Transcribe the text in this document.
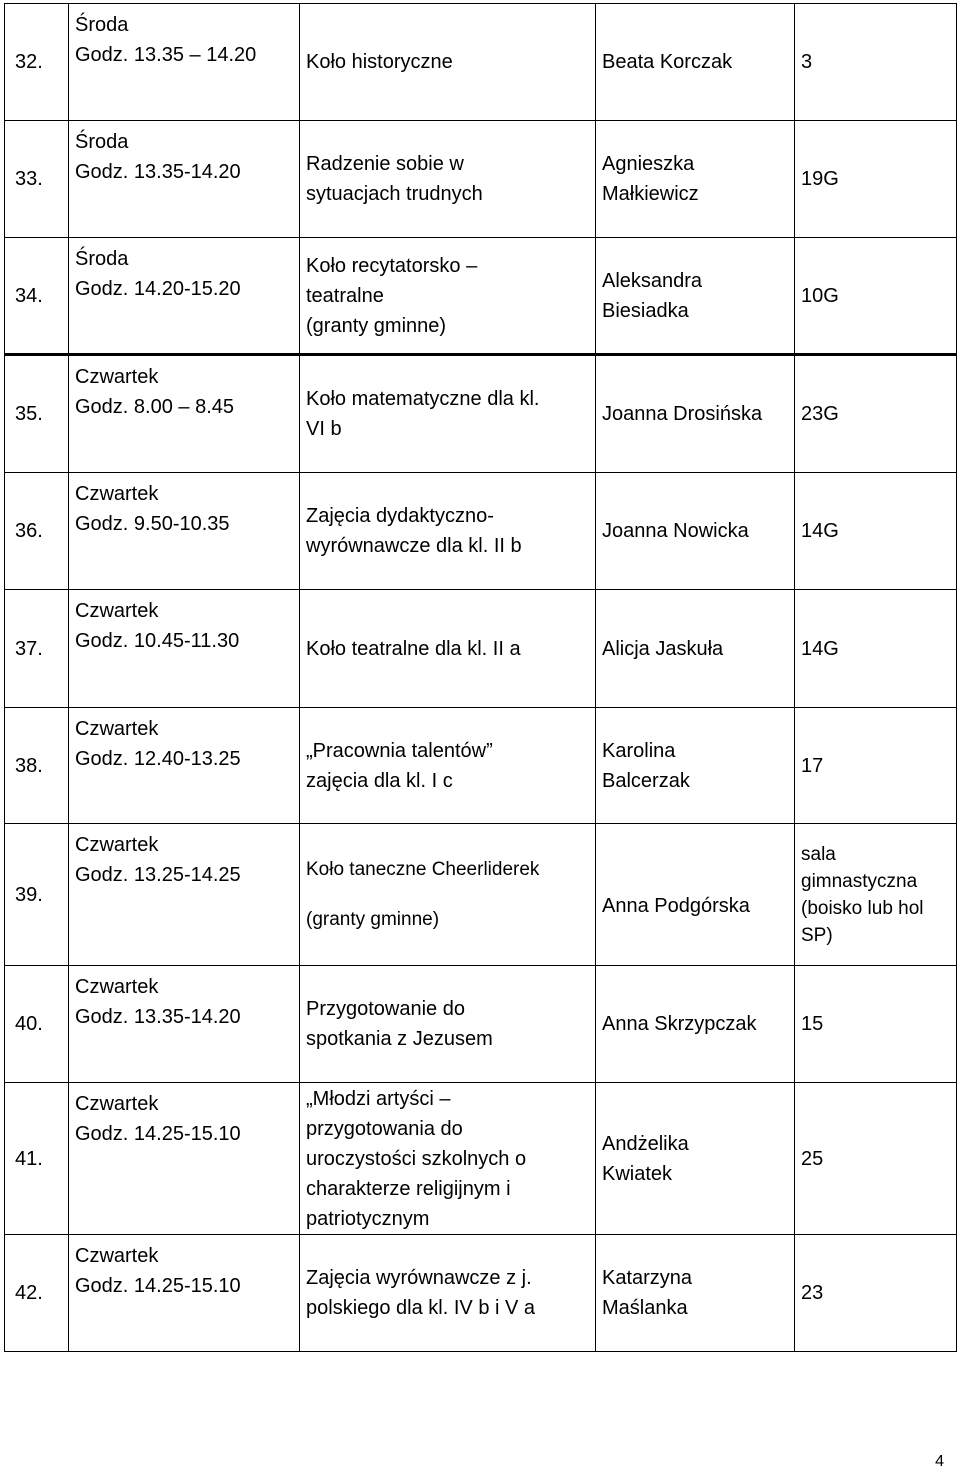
32.	Środa
Godz. 13.35 – 14.20	Koło historyczne	Beata Korczak	3

33.	Środa
Godz. 13.35-14.20	Radzenie sobie w
sytuacjach trudnych	Agnieszka
Małkiewicz	19G

34.	Środa
Godz. 14.20-15.20	Koło recytatorsko –
teatralne
(granty gminne)	Aleksandra
Biesiadka	10G

35.	Czwartek
Godz. 8.00 – 8.45	Koło matematyczne dla kl.
VI b	Joanna Drosińska	23G

36.	Czwartek
Godz. 9.50-10.35	Zajęcia dydaktyczno-
wyrównawcze dla kl. II b	Joanna Nowicka	14G

37.	Czwartek
Godz. 10.45-11.30	Koło teatralne dla kl. II a	Alicja Jaskuła	14G

38.	Czwartek
Godz. 12.40-13.25	„Pracownia talentów”
zajęcia dla kl. I c	Karolina
Balcerzak	17

39.	Czwartek
Godz. 13.25-14.25	Koło taneczne Cheerliderek
(granty gminne)	Anna Podgórska	sala
gimnastyczna
(boisko lub hol
SP)

40.	Czwartek
Godz. 13.35-14.20	Przygotowanie do
spotkania z Jezusem	Anna Skrzypczak	15

41.	Czwartek
Godz. 14.25-15.10	„Młodzi artyści –
przygotowania do
uroczystości szkolnych o
charakterze religijnym i
patriotycznym	Andżelika
Kwiatek	25

42.	Czwartek
Godz. 14.25-15.10	Zajęcia wyrównawcze z j.
polskiego dla kl. IV b i V a	Katarzyna
Maślanka	23
4
